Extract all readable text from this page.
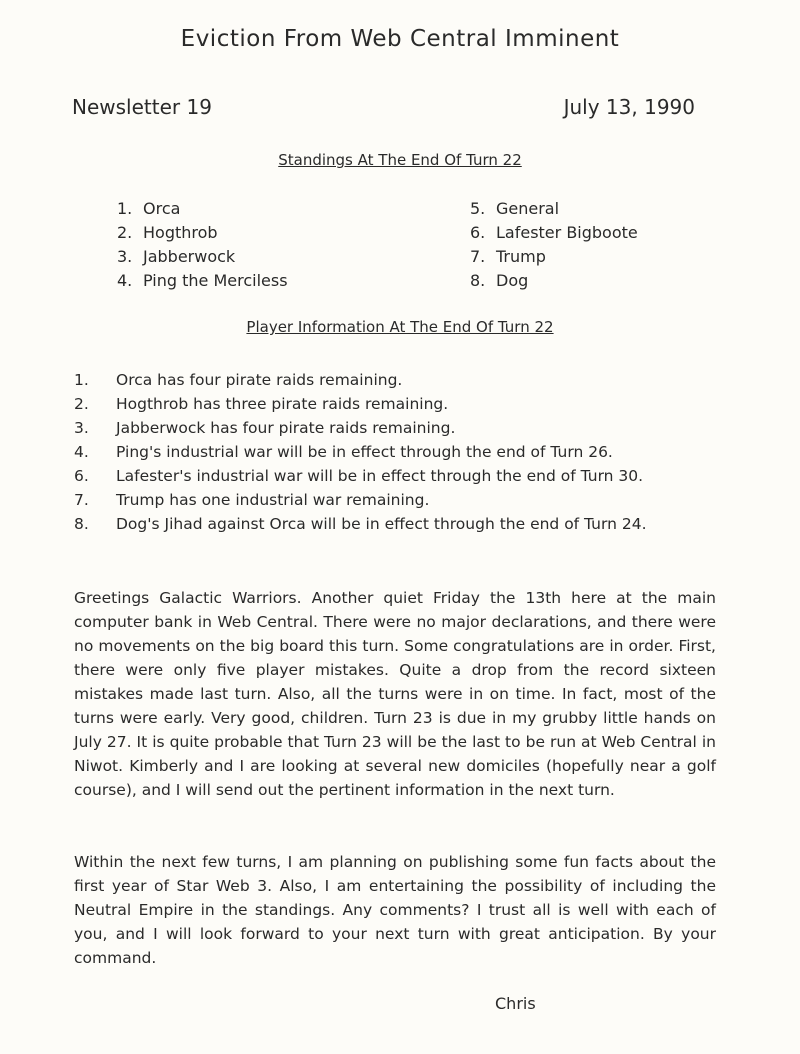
Eviction From Web Central Imminent
Newsletter 19	July 13, 1990
Standings At The End Of Turn 22
1. Orca
2. Hogthrob
3. Jabberwock
4. Ping the Merciless
5. General
6. Lafester Bigboote
7. Trump
8. Dog
Player Information At The End Of Turn 22
1. Orca has four pirate raids remaining.
2. Hogthrob has three pirate raids remaining.
3. Jabberwock has four pirate raids remaining.
4. Ping's industrial war will be in effect through the end of Turn 26.
6. Lafester's industrial war will be in effect through the end of Turn 30.
7. Trump has one industrial war remaining.
8. Dog's Jihad against Orca will be in effect through the end of Turn 24.
Greetings Galactic Warriors. Another quiet Friday the 13th here at the main computer bank in Web Central. There were no major declarations, and there were no movements on the big board this turn. Some congratulations are in order. First, there were only five player mistakes. Quite a drop from the record sixteen mistakes made last turn. Also, all the turns were in on time. In fact, most of the turns were early. Very good, children. Turn 23 is due in my grubby little hands on July 27. It is quite probable that Turn 23 will be the last to be run at Web Central in Niwot. Kimberly and I are looking at several new domiciles (hopefully near a golf course), and I will send out the pertinent information in the next turn.
Within the next few turns, I am planning on publishing some fun facts about the first year of Star Web 3. Also, I am entertaining the possibility of including the Neutral Empire in the standings. Any comments? I trust all is well with each of you, and I will look forward to your next turn with great anticipation. By your command.
Chris
